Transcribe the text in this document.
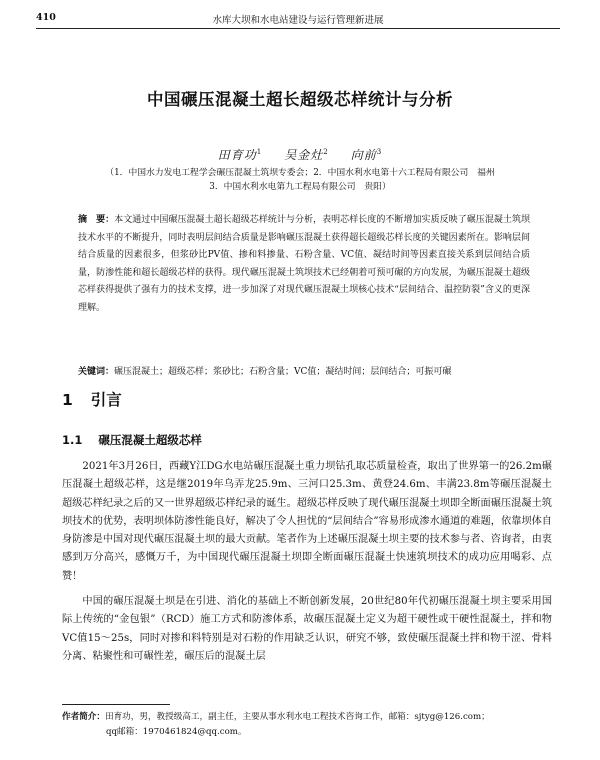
410	水库大坝和水电站建设与运行管理新进展
中国碾压混凝土超长超级芯样统计与分析
田育功$^1$ 吴金灶$^2$ 向前$^3$
（1．中国水力发电工程学会碾压混凝土筑坝专委会；2．中国水利水电第十六工程局有限公司　福州
3．中国水利水电第九工程局有限公司　贵阳）
摘　要：本文通过中国碾压混凝土超长超级芯样统计与分析，表明芯样长度的不断增加实质反映了碾压混凝土筑坝技术水平的不断提升，同时表明层间结合质量是影响碾压混凝土获得超长超级芯样长度的关键因素所在。影响层间结合质量的因素很多，但浆砂比PV值、掺和料掺量、石粉含量、VC值、凝结时间等因素直接关系到层间结合质量，防渗性能和超长超级芯样的获得。现代碾压混凝土筑坝技术已经朝着可预可碾的方向发展，为碾压混凝土超级芯样获得提供了强有力的技术支撑，进一步加深了对现代碾压混凝土坝核心技术“层间结合、温控防裂”含义的更深理解。
关键词：碾压混凝土；超级芯样；浆砂比；石粉含量；VC值；凝结时间；层间结合；可振可碾
1 引言
1.1 碾压混凝土超级芯样

2021年3月26日，西藏Y江DG水电站碾压混凝土重力坝钻孔取芯质量检查，取出了世界第一的26.2m碾压混凝土超级芯样，这是继2019年乌弄龙25.9m、三河口25.3m、黄登24.6m、丰满23.8m等碾压混凝土超级芯样纪录之后的又一世界超级芯样纪录的诞生。超级芯样反映了现代碾压混凝土坝即全断面碾压混凝土筑坝技术的优势，表明坝体防渗性能良好，解决了令人担忧的“层间结合”容易形成渗水通道的难题，依靠坝体自身防渗是中国对现代碾压混凝土坝的最大贡献。笔者作为上述碾压混凝土坝主要的技术参与者、咨询者，由衷感到万分高兴，感慨万千，为中国现代碾压混凝土坝即全断面碾压混凝土快速筑坝技术的成功应用喝彩、点赞！

中国的碾压混凝土坝是在引进、消化的基础上不断创新发展，20世纪80年代初碾压混凝土坝主要采用国际上传统的“金包银”（RCD）施工方式和防渗体系，故碾压混凝土定义为超干硬性或干硬性混凝土，拌和物VC值15～25s，同时对掺和料特别是对石粉的作用缺乏认识，研究不够，致使碾压混凝土拌和物干涩、骨料分离、粘聚性和可碾性差，碾压后的混凝土层

作者简介：田育功，男，教授级高工，副主任，主要从事水利水电工程技术咨询工作，邮箱：sjtyg@126.com；
qq邮箱：1970461824@qq.com。
